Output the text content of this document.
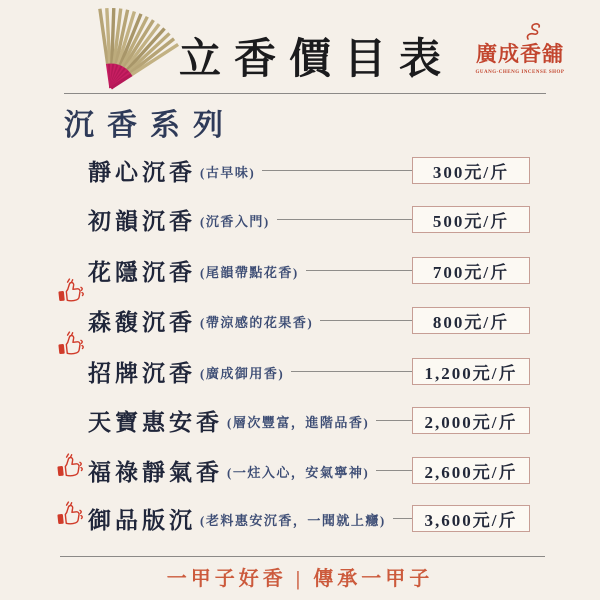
立香價目表	廣成香舖
GUANG-CHENG INCENSE SHOP
沉香系列
靜心沉香 (古早味)	300元/斤
初韻沉香 (沉香入門)	500元/斤
花隱沉香 (尾韻帶點花香)	700元/斤
森馥沉香 (帶涼感的花果香)	800元/斤
招牌沉香 (廣成御用香)	1,200元/斤
天寶惠安香 (層次豐富，進階品香)	2,000元/斤
福祿靜氣香 (一炷入心，安氣寧神)	2,600元/斤
御品版沉 (老料惠安沉香，一聞就上癮)	3,600元/斤
一甲子好香 | 傳承一甲子
